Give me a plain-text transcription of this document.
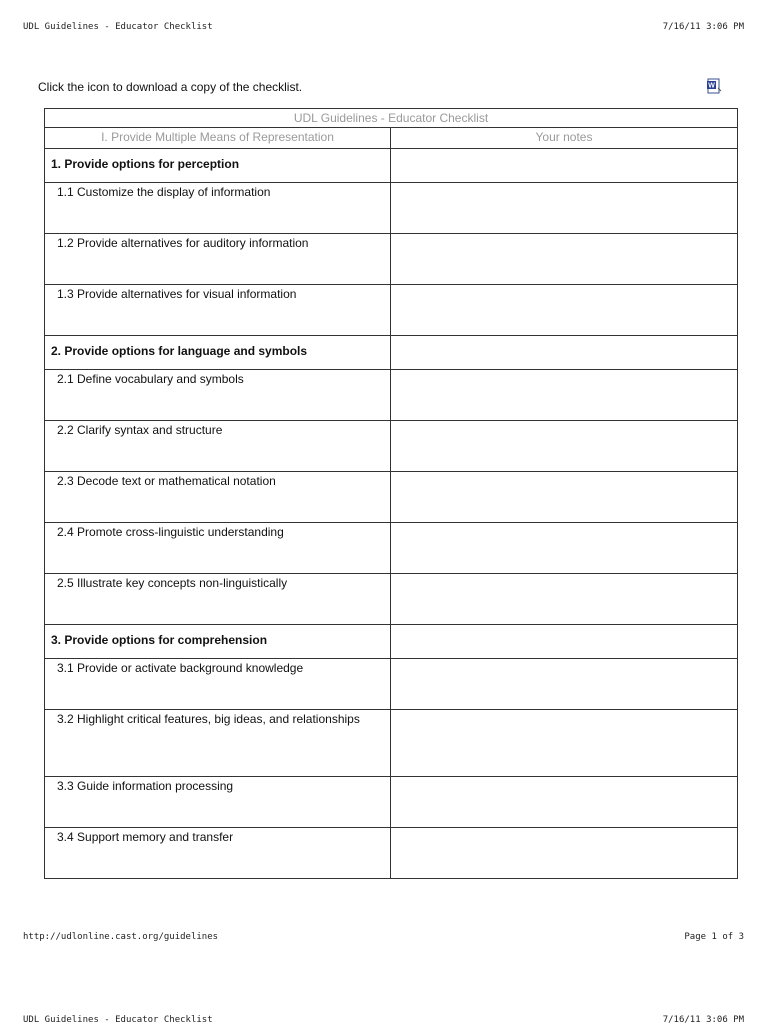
UDL Guidelines - Educator Checklist	7/16/11 3:06 PM
Click the icon to download a copy of the checklist.	W
UDL Guidelines - Educator Checklist	
I. Provide Multiple Means of Representation	Your notes
1. Provide options for perception	

1.1 Customize the display of information	

1.2 Provide alternatives for auditory information	

1.3 Provide alternatives for visual information	

2. Provide options for language and symbols	

2.1 Define vocabulary and symbols	

2.2 Clarify syntax and structure	

2.3 Decode text or mathematical notation	

2.4 Promote cross-linguistic understanding	

2.5 Illustrate key concepts non-linguistically	

3. Provide options for comprehension	

3.1 Provide or activate background knowledge	

3.2 Highlight critical features, big ideas, and relationships	

3.3 Guide information processing	

3.4 Support memory and transfer	

http://udlonline.cast.org/guidelines	Page 1 of 3
UDL Guidelines - Educator Checklist	7/16/11 3:06 PM
